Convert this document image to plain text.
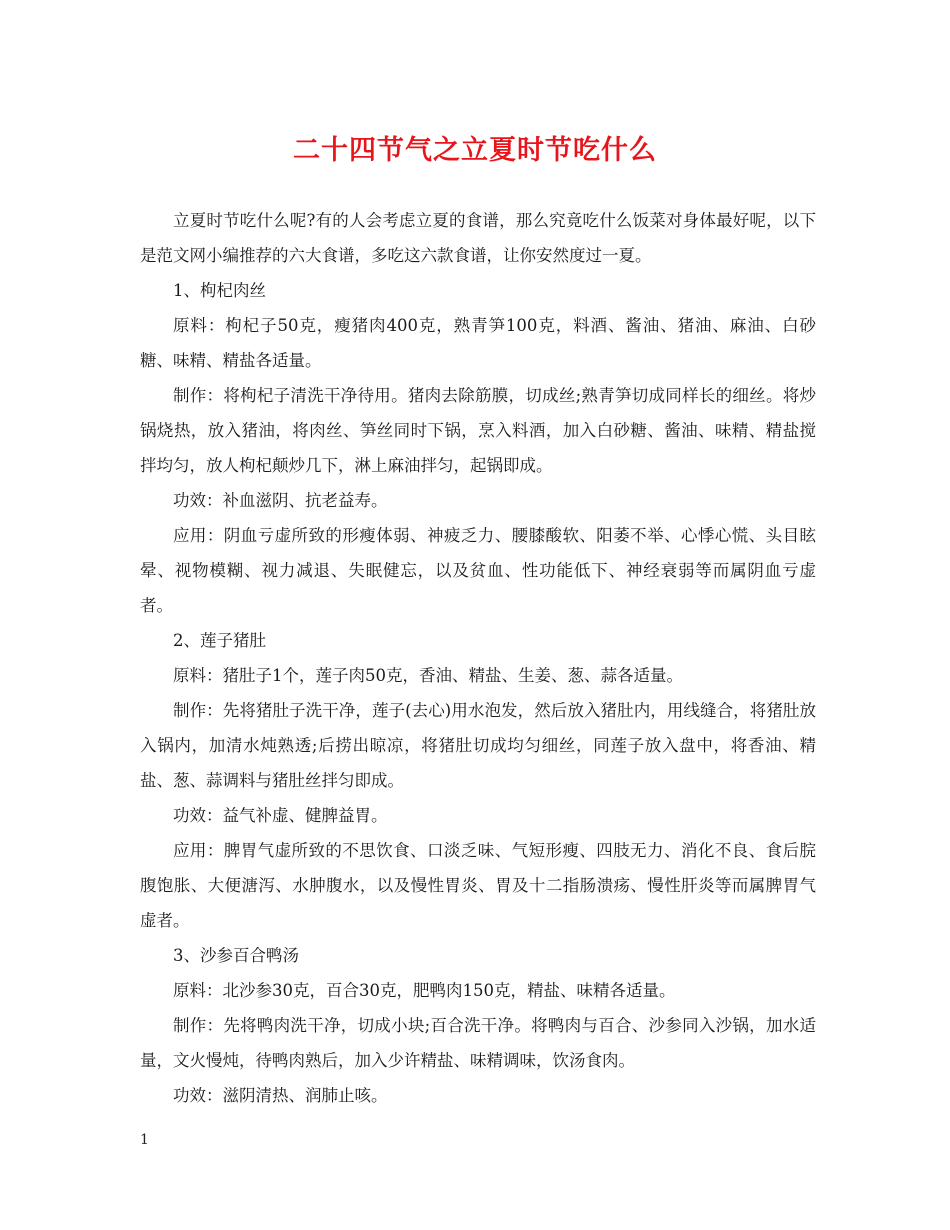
二十四节气之立夏时节吃什么

立夏时节吃什么呢?有的人会考虑立夏的食谱，那么究竟吃什么饭菜对身体最好呢，以下是范文网小编推荐的六大食谱，多吃这六款食谱，让你安然度过一夏。

1、枸杞肉丝

原料：枸杞子50克，瘦猪肉400克，熟青笋100克，料酒、酱油、猪油、麻油、白砂糖、味精、精盐各适量。

制作：将枸杞子清洗干净待用。猪肉去除筋膜，切成丝;熟青笋切成同样长的细丝。将炒锅烧热，放入猪油，将肉丝、笋丝同时下锅，烹入料酒，加入白砂糖、酱油、味精、精盐搅拌均匀，放人枸杞颠炒几下，淋上麻油拌匀，起锅即成。

功效：补血滋阴、抗老益寿。

应用：阴血亏虚所致的形瘦体弱、神疲乏力、腰膝酸软、阳萎不举、心悸心慌、头目眩晕、视物模糊、视力减退、失眠健忘，以及贫血、性功能低下、神经衰弱等而属阴血亏虚者。

2、莲子猪肚

原料：猪肚子1个，莲子肉50克，香油、精盐、生姜、葱、蒜各适量。

制作：先将猪肚子洗干净，莲子(去心)用水泡发，然后放入猪肚内，用线缝合，将猪肚放入锅内，加清水炖熟透;后捞出晾凉，将猪肚切成均匀细丝，同莲子放入盘中，将香油、精盐、葱、蒜调料与猪肚丝拌匀即成。

功效：益气补虚、健脾益胃。

应用：脾胃气虚所致的不思饮食、口淡乏味、气短形瘦、四肢无力、消化不良、食后脘腹饱胀、大便溏泻、水肿腹水，以及慢性胃炎、胃及十二指肠溃疡、慢性肝炎等而属脾胃气虚者。

3、沙参百合鸭汤

原料：北沙参30克，百合30克，肥鸭肉150克，精盐、味精各适量。

制作：先将鸭肉洗干净，切成小块;百合洗干净。将鸭肉与百合、沙参同入沙锅，加水适量，文火慢炖，待鸭肉熟后，加入少许精盐、味精调味，饮汤食肉。

功效：滋阴清热、润肺止咳。

1
